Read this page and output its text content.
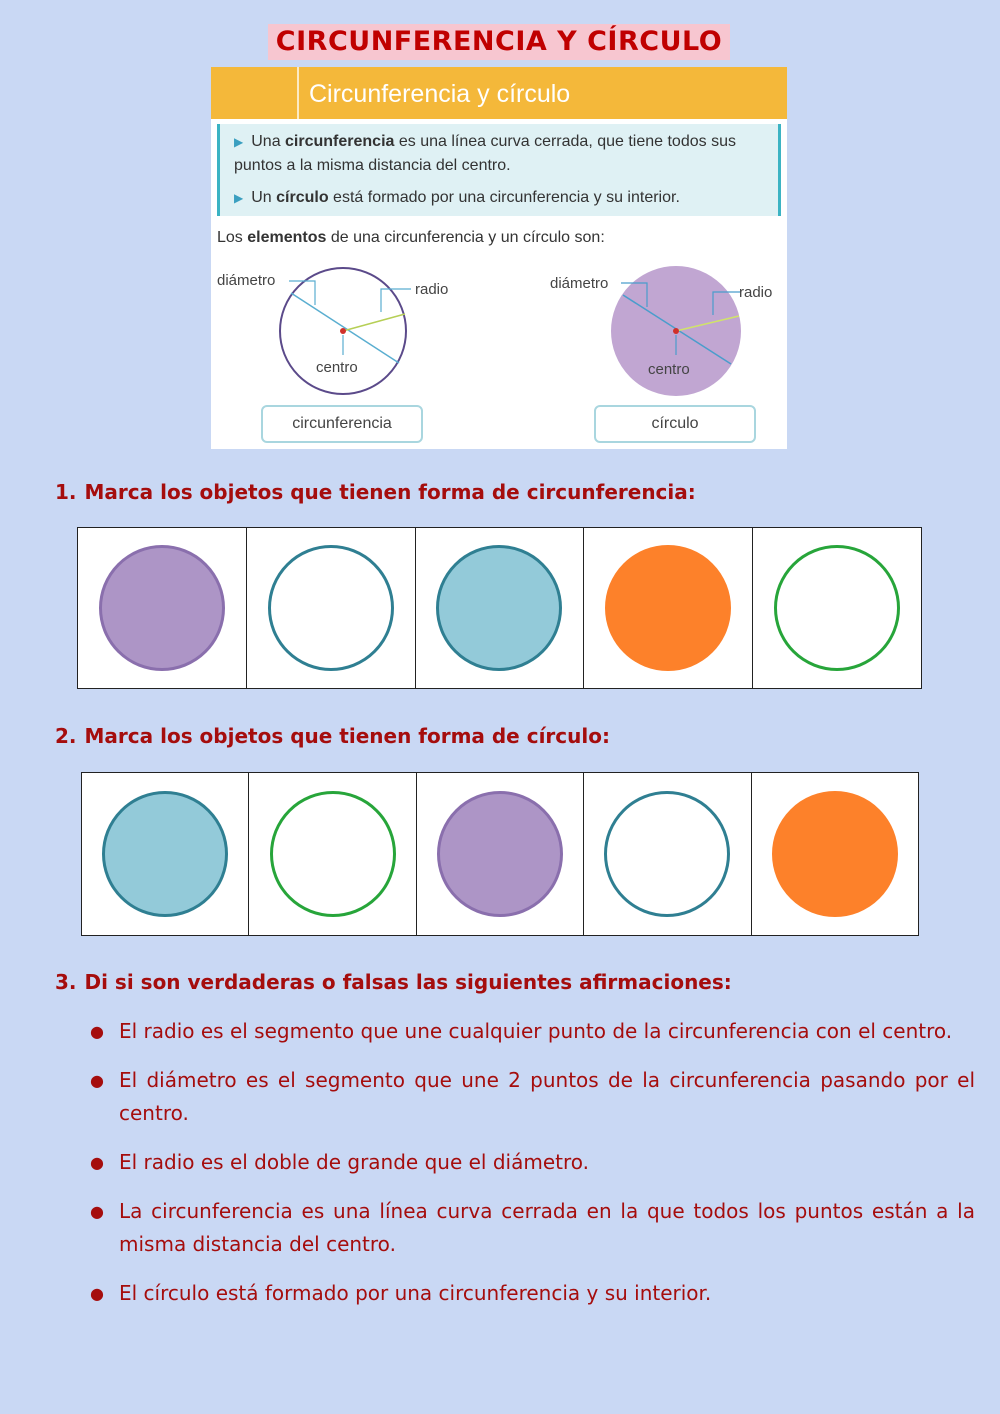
CIRCUNFERENCIA Y CÍRCULO
Circunferencia y círculo
▶ Una circunferencia es una línea curva cerrada, que tiene todos sus puntos a la misma distancia del centro.
▶ Un círculo está formado por una circunferencia y su interior.
Los elementos de una circunferencia y un círculo son:
diámetro
radio
centro
diámetro
radio
centro
circunferencia	círculo
1. Marca los objetos que tienen forma de circunferencia:
2. Marca los objetos que tienen forma de círculo:
3. Di si son verdaderas o falsas las siguientes afirmaciones:
● El radio es el segmento que une cualquier punto de la circunferencia con el centro.
● El diámetro es el segmento que une 2 puntos de la circunferencia pasando por el centro.
● El radio es el doble de grande que el diámetro.
● La circunferencia es una línea curva cerrada en la que todos los puntos están a la misma distancia del centro.
● El círculo está formado por una circunferencia y su interior.
